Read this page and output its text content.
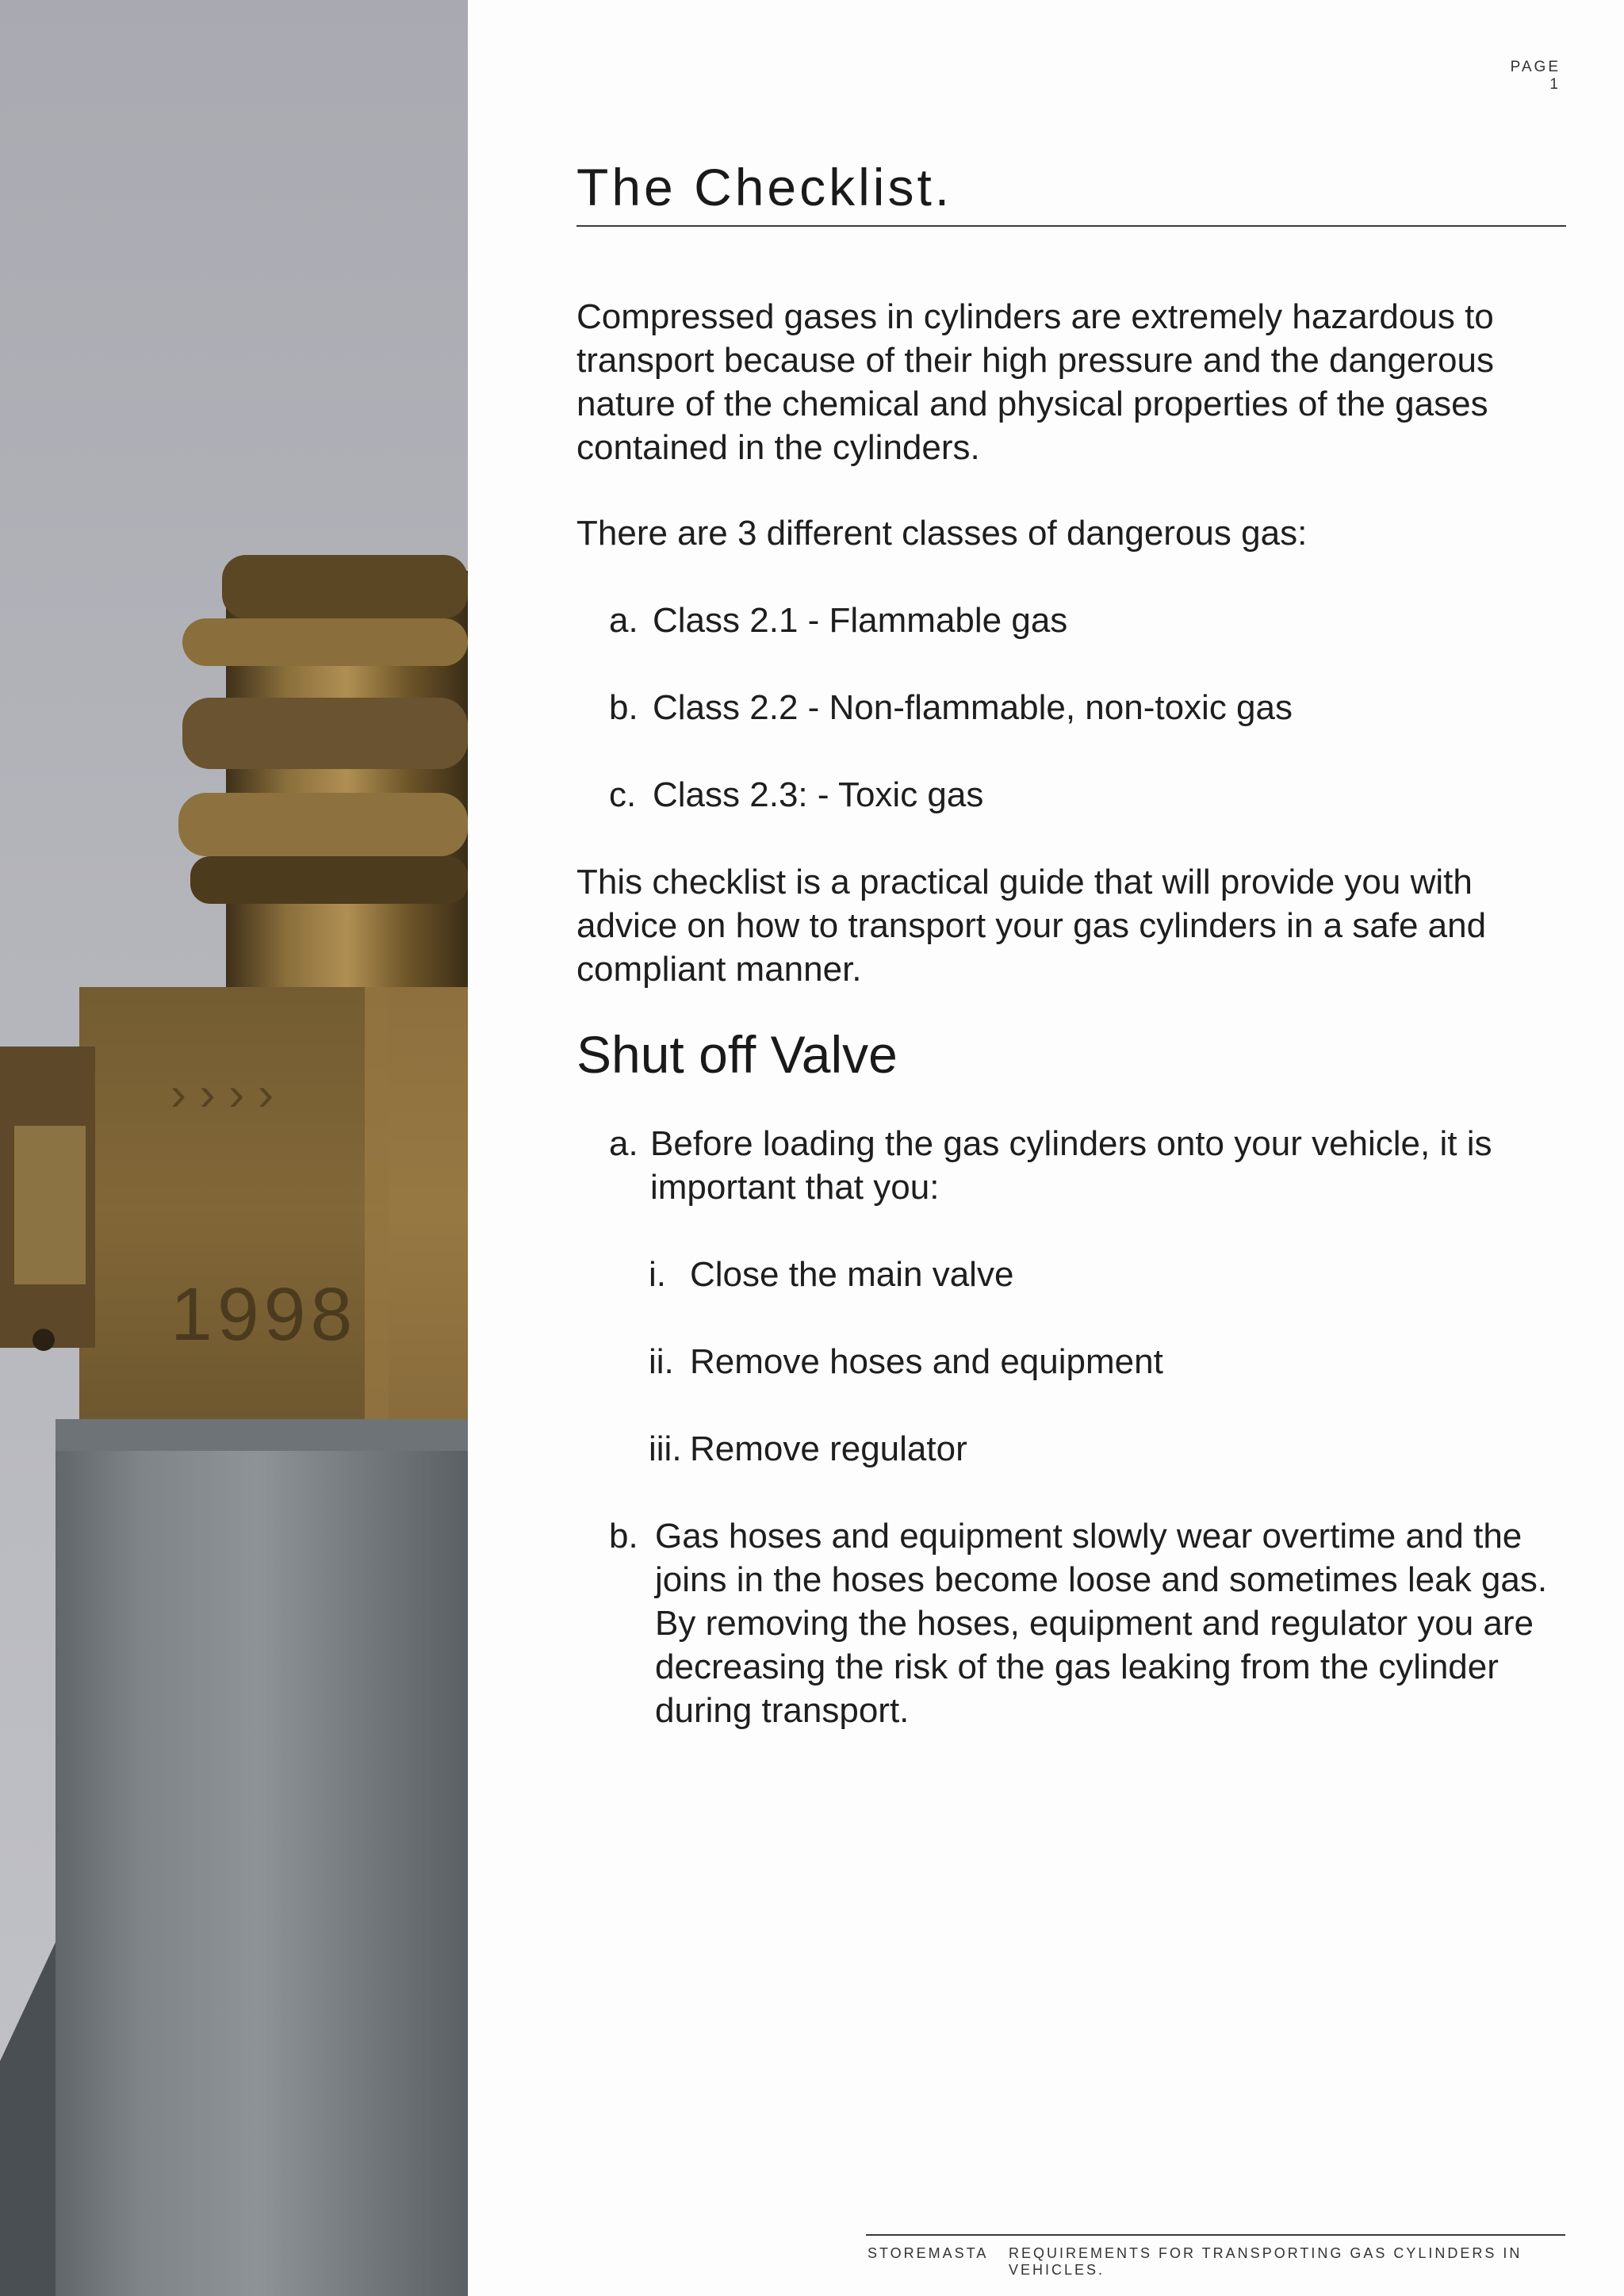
1998
› › › ›
PAGE 1
The Checklist.

Compressed gases in cylinders are extremely hazardous to transport because of their high pressure and the dangerous nature of the chemical and physical properties of the gases contained in the cylinders.

There are 3 different classes of dangerous gas:

a. Class 2.1 - Flammable gas

b. Class 2.2 - Non-flammable, non-toxic gas

c. Class 2.3: - Toxic gas

This checklist is a practical guide that will provide you with advice on how to transport your gas cylinders in a safe and compliant manner.

Shut off Valve
a. Before loading the gas cylinders onto your vehicle, it is important that you:

i. Close the main valve

ii. Remove hoses and equipment

iii. Remove regulator

b. Gas hoses and equipment slowly wear overtime and the joins in the hoses become loose and sometimes leak gas. By removing the hoses, equipment and regulator you are decreasing the risk of the gas leaking from the cylinder during transport.

STOREMASTA REQUIREMENTS FOR TRANSPORTING GAS CYLINDERS IN VEHICLES.
